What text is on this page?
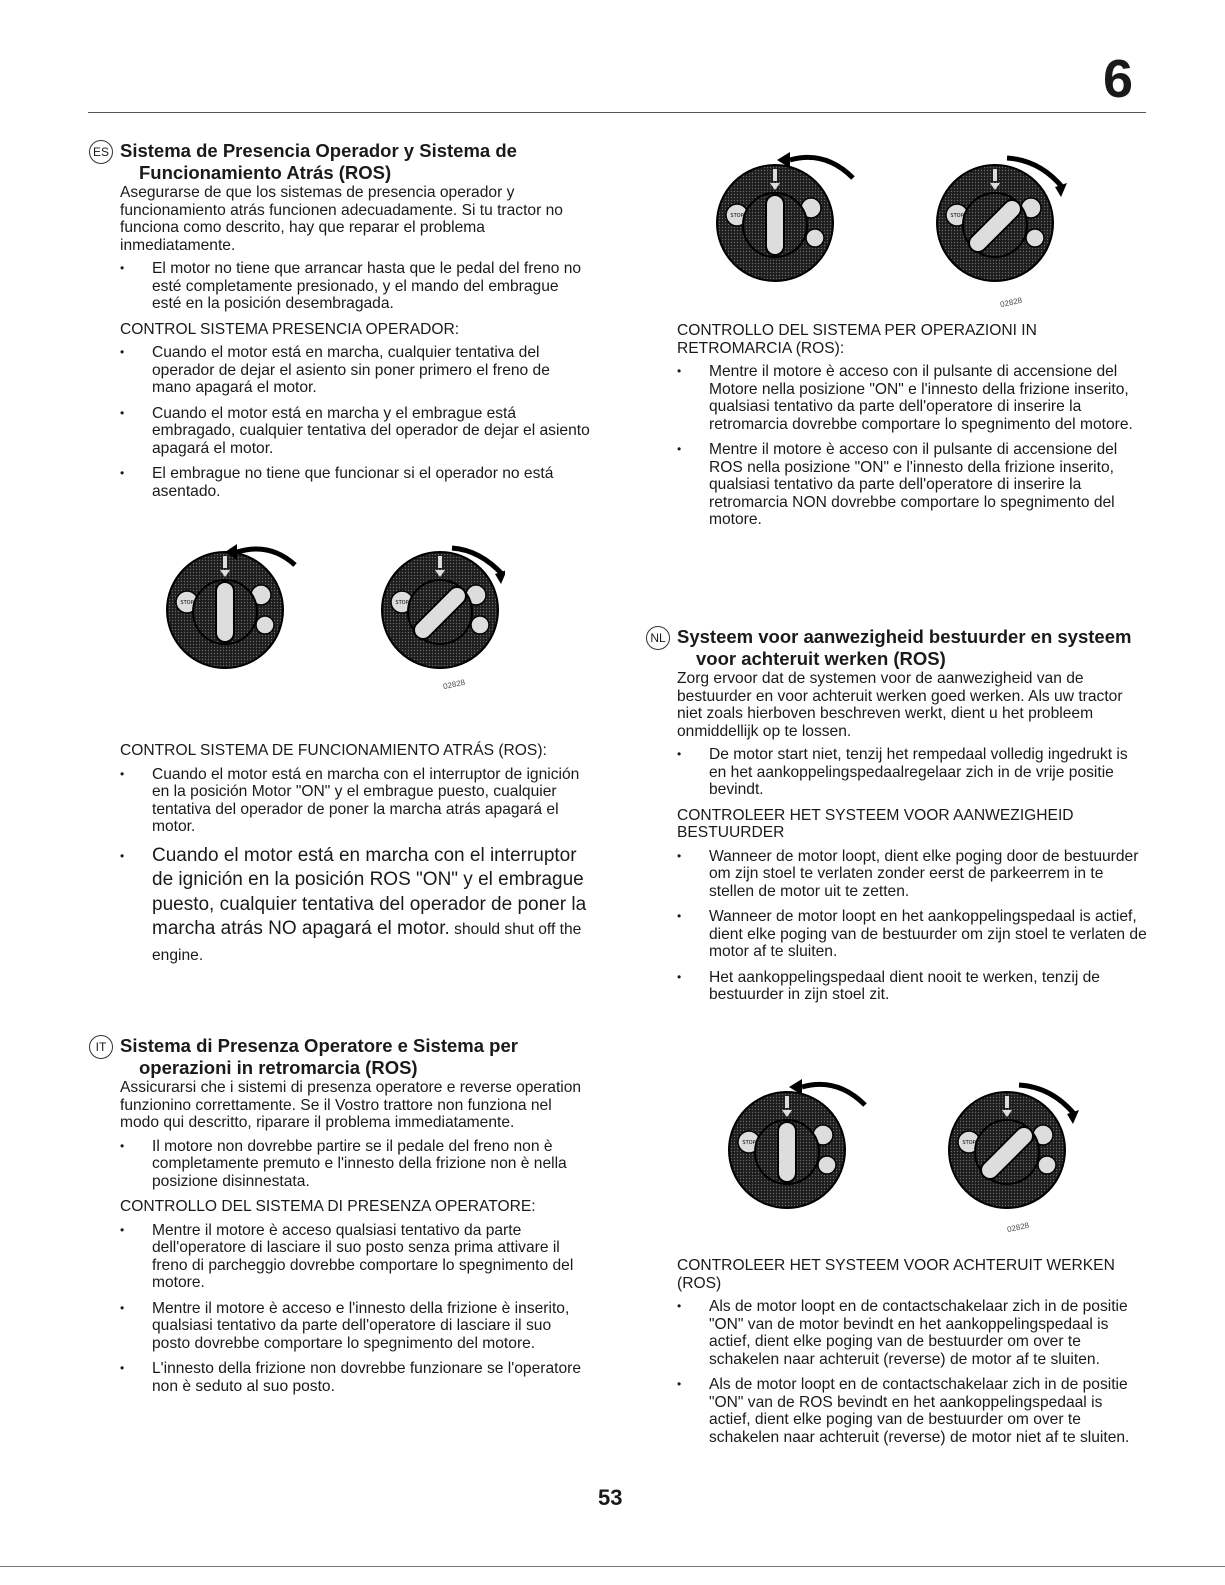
6
ES Sistema de Presencia Operador y Sistema de Funcionamiento Atrás (ROS)

Asegurarse de que los sistemas de presencia operador y funcionamiento atrás funcionen adecuadamente. Si tu tractor no funciona como descrito, hay que reparar el problema inmediatamente.

• El motor no tiene que arrancar hasta que le pedal del freno no esté completamente presionado, y el mando del embrague esté en la posición desembragada.

CONTROL SISTEMA PRESENCIA OPERADOR:

• Cuando el motor está en marcha, cualquier tentativa del operador de dejar el asiento sin poner primero el freno de mano apagará el motor.
• Cuando el motor está en marcha y el embrague está embragado, cualquier tentativa del operador de dejar el asiento apagará el motor.
• El embrague no tiene que funcionar si el operador no está asentado.

CONTROL SISTEMA DE FUNCIONAMIENTO ATRÁS (ROS):

• Cuando el motor está en marcha con el interruptor de ignición en la posición Motor "ON" y el embrague puesto, cualquier tentativa del operador de poner la marcha atrás apagará el motor.
• Cuando el motor está en marcha con el interruptor de ignición en la posición ROS "ON" y el embrague puesto, cualquier tentativa del operador de poner la marcha atrás NO apagará el motor. should shut off the engine.
IT Sistema di Presenza Operatore e Sistema per operazioni in retromarcia (ROS)

Assicurarsi che i sistemi di presenza operatore e reverse operation funzionino correttamente. Se il Vostro trattore non funziona nel modo qui descritto, riparare il problema immediatamente.

• Il motore non dovrebbe partire se il pedale del freno non è completamente premuto e l'innesto della frizione non è nella posizione disinnestata.

CONTROLLO DEL SISTEMA DI PRESENZA OPERATORE:

• Mentre il motore è acceso qualsiasi tentativo da parte dell'operatore di lasciare il suo posto senza prima attivare il freno di parcheggio dovrebbe comportare lo spegnimento del motore.
• Mentre il motore è acceso e l'innesto della frizione è inserito, qualsiasi tentativo da parte dell'operatore di lasciare il suo posto dovrebbe comportare lo spegnimento del motore.
• L'innesto della frizione non dovrebbe funzionare se l'operatore non è seduto al suo posto.

CONTROLLO DEL SISTEMA PER OPERAZIONI IN RETROMARCIA (ROS):

• Mentre il motore è acceso con il pulsante di accensione del Motore nella posizione "ON" e l'innesto della frizione inserito, qualsiasi tentativo da parte dell'operatore di inserire la retromarcia dovrebbe comportare lo spegnimento del motore.
• Mentre il motore è acceso con il pulsante di accensione del ROS nella posizione "ON" e l'innesto della frizione inserito, qualsiasi tentativo da parte dell'operatore di inserire la retromarcia NON dovrebbe comportare lo spegnimento del motore.
NL Systeem voor aanwezigheid bestuurder en systeem voor achteruit werken (ROS)

Zorg ervoor dat de systemen voor de aanwezigheid van de bestuurder en voor achteruit werken goed werken. Als uw tractor niet zoals hierboven beschreven werkt, dient u het probleem onmiddellijk op te lossen.

• De motor start niet, tenzij het rempedaal volledig ingedrukt is en het aankoppelingspedaalregelaar zich in de vrije positie bevindt.

CONTROLEER HET SYSTEEM VOOR AANWEZIGHEID BESTUURDER

• Wanneer de motor loopt, dient elke poging door de bestuurder om zijn stoel te verlaten zonder eerst de parkeerrem in te stellen de motor uit te zetten.
• Wanneer de motor loopt en het aankoppelingspedaal is actief, dient elke poging van de bestuurder om zijn stoel te verlaten de motor af te sluiten.
• Het aankoppelingspedaal dient nooit te werken, tenzij de bestuurder in zijn stoel zit.

CONTROLEER HET SYSTEEM VOOR ACHTERUIT WERKEN (ROS)

• Als de motor loopt en de contactschakelaar zich in de positie "ON" van de motor bevindt en het aankoppelingspedaal is actief, dient elke poging van de bestuurder om over te schakelen naar achteruit (reverse) de motor af te sluiten.
• Als de motor loopt en de contactschakelaar zich in de positie "ON" van de ROS bevindt en het aankoppelingspedaal is actief, dient elke poging van de bestuurder om over te schakelen naar achteruit (reverse) de motor niet af te sluiten.
02828
02828
02828
53
